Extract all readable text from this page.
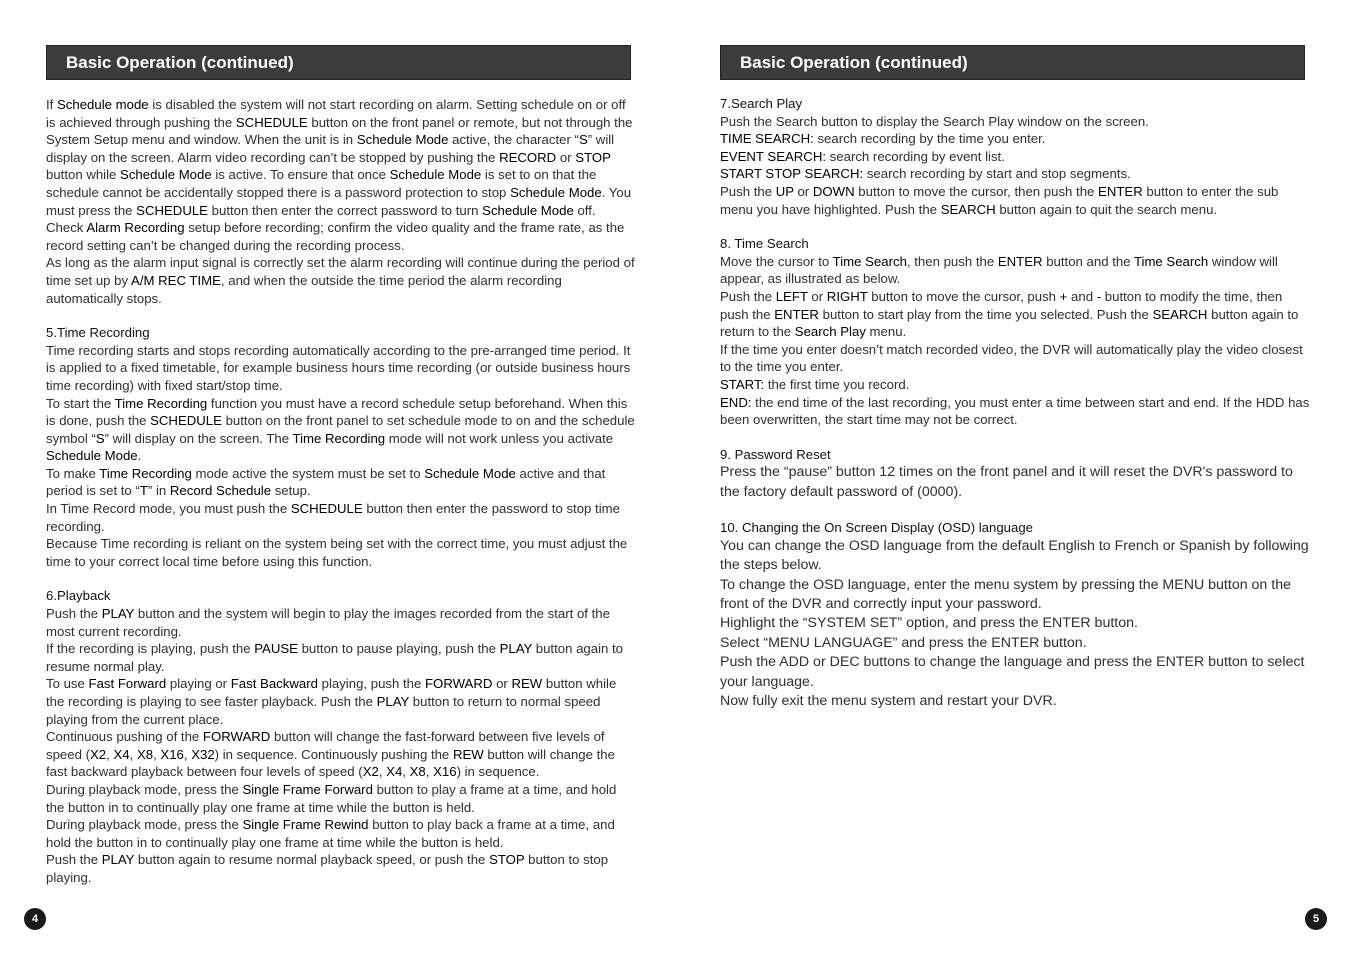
Basic Operation (continued)

If Schedule mode is disabled the system will not start recording on alarm. Setting schedule on or off is achieved through pushing the SCHEDULE button on the front panel or remote, but not through the System Setup menu and window. When the unit is in Schedule Mode active, the character “S” will display on the screen. Alarm video recording can’t be stopped by pushing the RECORD or STOP button while Schedule Mode is active. To ensure that once Schedule Mode is set to on that the schedule cannot be accidentally stopped there is a password protection to stop Schedule Mode. You must press the SCHEDULE button then enter the correct password to turn Schedule Mode off.

Check Alarm Recording setup before recording; confirm the video quality and the frame rate, as the record setting can’t be changed during the recording process.

As long as the alarm input signal is correctly set the alarm recording will continue during the period of time set up by A/M REC TIME, and when the outside the time period the alarm recording automatically stops.

5.Time Recording

Time recording starts and stops recording automatically according to the pre-arranged time period. It is applied to a fixed timetable, for example business hours time recording (or outside business hours time recording) with fixed start/stop time.

To start the Time Recording function you must have a record schedule setup beforehand. When this is done, push the SCHEDULE button on the front panel to set schedule mode to on and the schedule symbol “S” will display on the screen. The Time Recording mode will not work unless you activate Schedule Mode.

To make Time Recording mode active the system must be set to Schedule Mode active and that period is set to “T” in Record Schedule setup.

In Time Record mode, you must push the SCHEDULE button then enter the password to stop time recording.

Because Time recording is reliant on the system being set with the correct time, you must adjust the time to your correct local time before using this function.

6.Playback

Push the PLAY button and the system will begin to play the images recorded from the start of the most current recording.

If the recording is playing, push the PAUSE button to pause playing, push the PLAY button again to resume normal play.

To use Fast Forward playing or Fast Backward playing, push the FORWARD or REW button while the recording is playing to see faster playback. Push the PLAY button to return to normal speed playing from the current place.

Continuous pushing of the FORWARD button will change the fast-forward between five levels of speed (X2, X4, X8, X16, X32) in sequence. Continuously pushing the REW button will change the fast backward playback between four levels of speed (X2, X4, X8, X16) in sequence.

During playback mode, press the Single Frame Forward button to play a frame at a time, and hold the button in to continually play one frame at time while the button is held.

During playback mode, press the Single Frame Rewind button to play back a frame at a time, and hold the button in to continually play one frame at time while the button is held.

Push the PLAY button again to resume normal playback speed, or push the STOP button to stop playing.

4
Basic Operation (continued)

7.Search Play

Push the Search button to display the Search Play window on the screen.

TIME SEARCH: search recording by the time you enter.

EVENT SEARCH: search recording by event list.

START STOP SEARCH: search recording by start and stop segments.

Push the UP or DOWN button to move the cursor, then push the ENTER button to enter the sub menu you have highlighted. Push the SEARCH button again to quit the search menu.

8. Time Search

Move the cursor to Time Search, then push the ENTER button and the Time Search window will appear, as illustrated as below.

Push the LEFT or RIGHT button to move the cursor, push + and - button to modify the time, then push the ENTER button to start play from the time you selected. Push the SEARCH button again to return to the Search Play menu.

If the time you enter doesn’t match recorded video, the DVR will automatically play the video closest to the time you enter.

START: the first time you record.

END: the end time of the last recording, you must enter a time between start and end. If the HDD has been overwritten, the start time may not be correct.

9. Password Reset

Press the “pause” button 12 times on the front panel and it will reset the DVR's password to the factory default password of (0000).

10. Changing the On Screen Display (OSD) language

You can change the OSD language from the default English to French or Spanish by following the steps below.

To change the OSD language, enter the menu system by pressing the MENU button on the front of the DVR and correctly input your password.

Highlight the “SYSTEM SET” option, and press the ENTER button.

Select “MENU LANGUAGE” and press the ENTER button.

Push the ADD or DEC buttons to change the language and press the ENTER button to select your language.

Now fully exit the menu system and restart your DVR.

5
